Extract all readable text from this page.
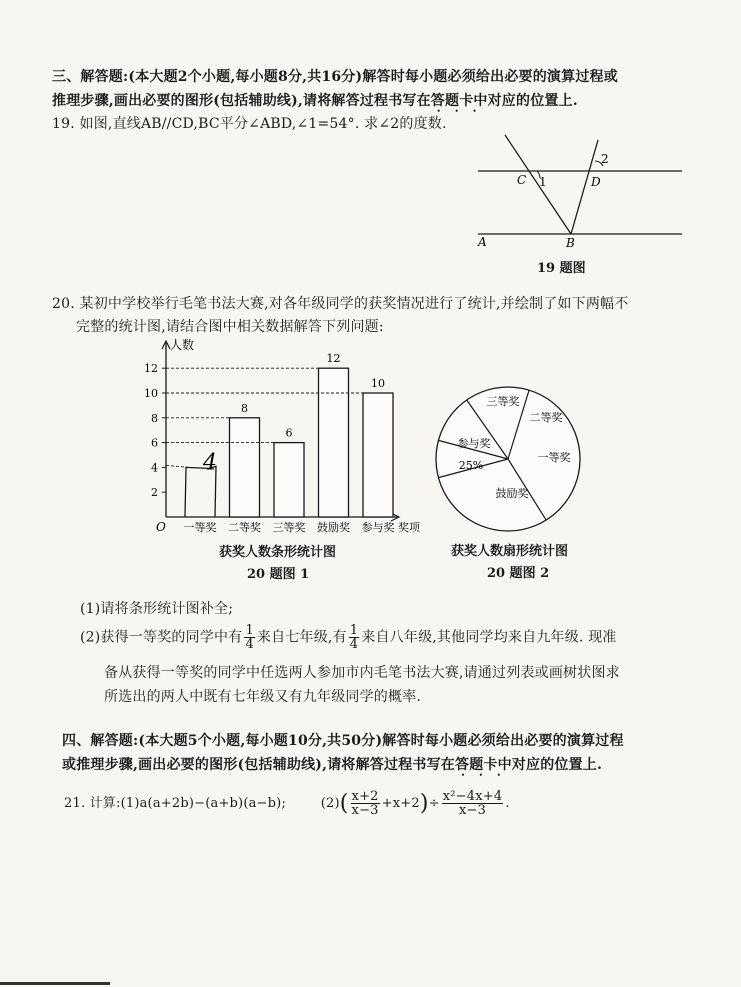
三、解答题:(本大题2个小题,每小题8分,共16分)解答时每小题必须给出必要的演算过程或
推理步骤,画出必要的图形(包括辅助线),请将解答过程书写在答题卡 • • •中对应的位置上.
19. 如图,直线AB//CD,BC平分∠ABD,∠1=54°. 求∠2的度数.
C 1	D
2
A	B
19 题图
20. 某初中学校举行毛笔书法大赛,对各年级同学的获奖情况进行了统计,并绘制了如下两幅不
完整的统计图,请结合图中相关数据解答下列问题:
人数
奖项
O
2
4
6
8
10
12
4
一等奖
8
二等奖
6
三等奖
12
鼓励奖
10
参与奖
获奖人数条形统计图
20 题图 1
三等奖
二等奖
一等奖
鼓励奖
参与奖
25%
获奖人数扇形统计图
20 题图 2
(1)请将条形统计图补全;
(2)获得一等奖的同学中有 $\frac{1}{4}$ 来自七年级,有 $\frac{1}{4}$ 来自八年级,其他同学均来自九年级. 现准
备从获得一等奖的同学中任选两人参加市内毛笔书法大赛,请通过列表或画树状图求
所选出的两人中既有七年级又有九年级同学的概率.
四、解答题:(本大题5个小题,每小题10分,共50分)解答时每小题必须给出必要的演算过程
或推理步骤,画出必要的图形(包括辅助线),请将解答过程书写在答题卡 • • •中对应的位置上.
21. 计算:(1)a(a+2b)−(a+b)(a−b);	$(2)( \frac{x+2}{x-3} +x+2)\div \frac{\text{x²−4x+4}}{x-3}$ .
